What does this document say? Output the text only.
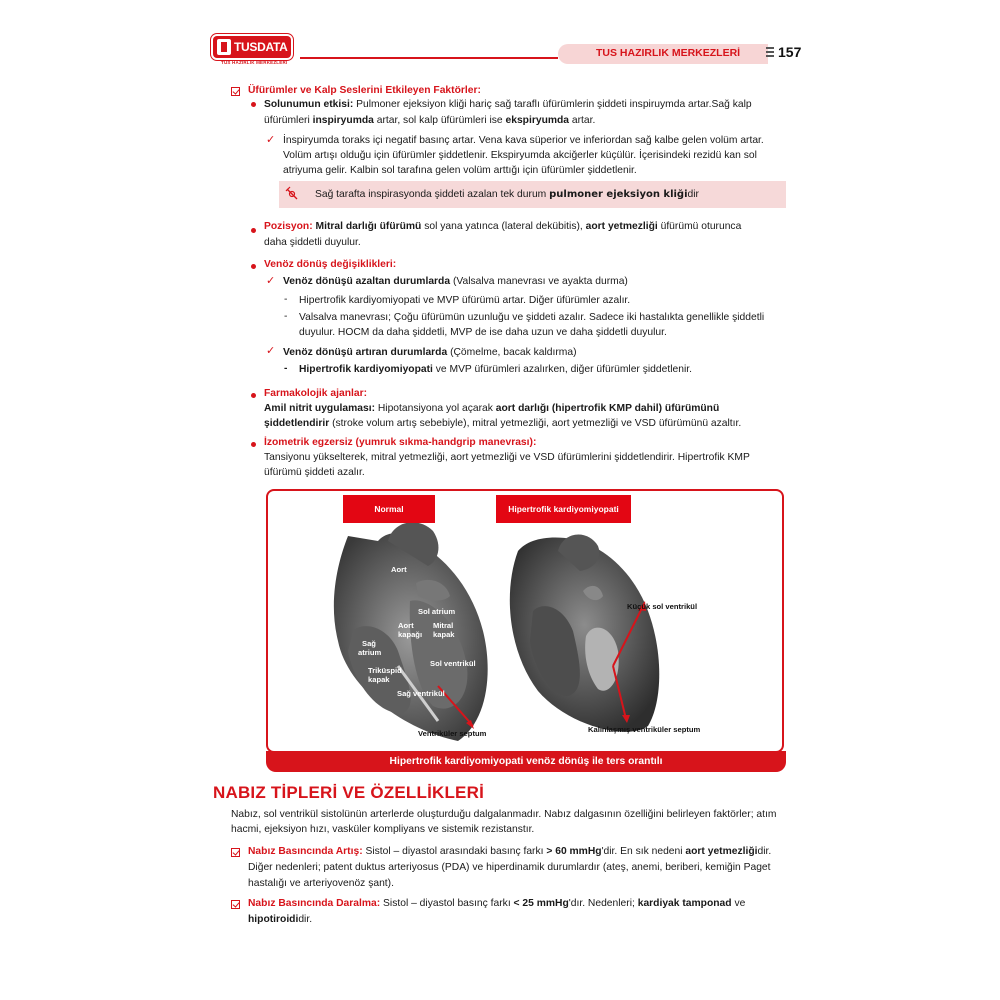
TUSDATA
TUS HAZIRLIK MERKEZLERİ
TUS HAZIRLIK MERKEZLERİ	157
Üfürümler ve Kalp Seslerini Etkileyen Faktörler:
Solunumun etkisi: Pulmoner ejeksiyon kliği hariç sağ taraflı üfürümlerin şiddeti inspiruymda artar.Sağ kalp
üfürümleri inspiryumda artar, sol kalp üfürümleri ise ekspiryumda artar.
✓ İnspiryumda toraks içi negatif basınç artar. Vena kava süperior ve inferiordan sağ kalbe gelen volüm artar.
Volüm artışı olduğu için üfürümler şiddetlenir. Ekspiryumda akciğerler küçülür. İçerisindeki rezidü kan sol
atriyuma gelir. Kalbin sol tarafına gelen volüm arttığı için üfürümler şiddetlenir.
Sağ tarafta inspirasyonda şiddeti azalan tek durum pulmoner ejeksiyon kliğidir
Pozisyon: Mitral darlığı üfürümü sol yana yatınca (lateral dekübitis), aort yetmezliği üfürümü oturunca
daha şiddetli duyulur.
Venöz dönüş değişiklikleri:
✓ Venöz dönüşü azaltan durumlarda (Valsalva manevrası ve ayakta durma)
- Hipertrofik kardiyomiyopati ve MVP üfürümü artar. Diğer üfürümler azalır.
- Valsalva manevrası; Çoğu üfürümün uzunluğu ve şiddeti azalır. Sadece iki hastalıkta genellikle şiddetli
duyulur. HOCM da daha şiddetli, MVP de ise daha uzun ve daha şiddetli duyulur.
✓ Venöz dönüşü artıran durumlarda (Çömelme, bacak kaldırma)
- Hipertrofik kardiyomiyopati ve MVP üfürümleri azalırken, diğer üfürümler şiddetlenir.
Farmakolojik ajanlar:
Amil nitrit uygulaması: Hipotansiyona yol açarak aort darlığı (hipertrofik KMP dahil) üfürümünü
şiddetlendirir (stroke volum artış sebebiyle), mitral yetmezliği, aort yetmezliği ve VSD üfürümünü azaltır.
İzometrik egzersiz (yumruk sıkma-handgrip manevrası):
Tansiyonu yükselterek, mitral yetmezliği, aort yetmezliği ve VSD üfürümlerini şiddetlendirir. Hipertrofik KMP
üfürümü şiddeti azalır.
Normal	Hipertrofik kardiyomiyopati
Aort
Sol atrium
Aort
kapağı
Mitral
kapak
Sağ
atrium
Triküspid
kapak
Sol ventrikül
Sağ ventrikül
Ventriküler septum
Küçük sol ventrikül
Kalınlaşmış ventriküler septum
Hipertrofik kardiyomiyopati venöz dönüş ile ters orantılı
NABIZ TİPLERİ VE ÖZELLİKLERİ
Nabız, sol ventrikül sistolünün arterlerde oluşturduğu dalgalanmadır. Nabız dalgasının özelliğini belirleyen faktörler; atım
hacmi, ejeksiyon hızı, vasküler kompliyans ve sistemik rezistanstır.
Nabız Basıncında Artış: Sistol – diyastol arasındaki basınç farkı > 60 mmHg'dir. En sık nedeni aort yetmezliğidir.
Diğer nedenleri; patent duktus arteriyosus (PDA) ve hiperdinamik durumlardır (ateş, anemi, beriberi, kemiğin Paget
hastalığı ve arteriyovenöz şant).
Nabız Basıncında Daralma: Sistol – diyastol basınç farkı < 25 mmHg'dır. Nedenleri; kardiyak tamponad ve
hipotiroididir.
